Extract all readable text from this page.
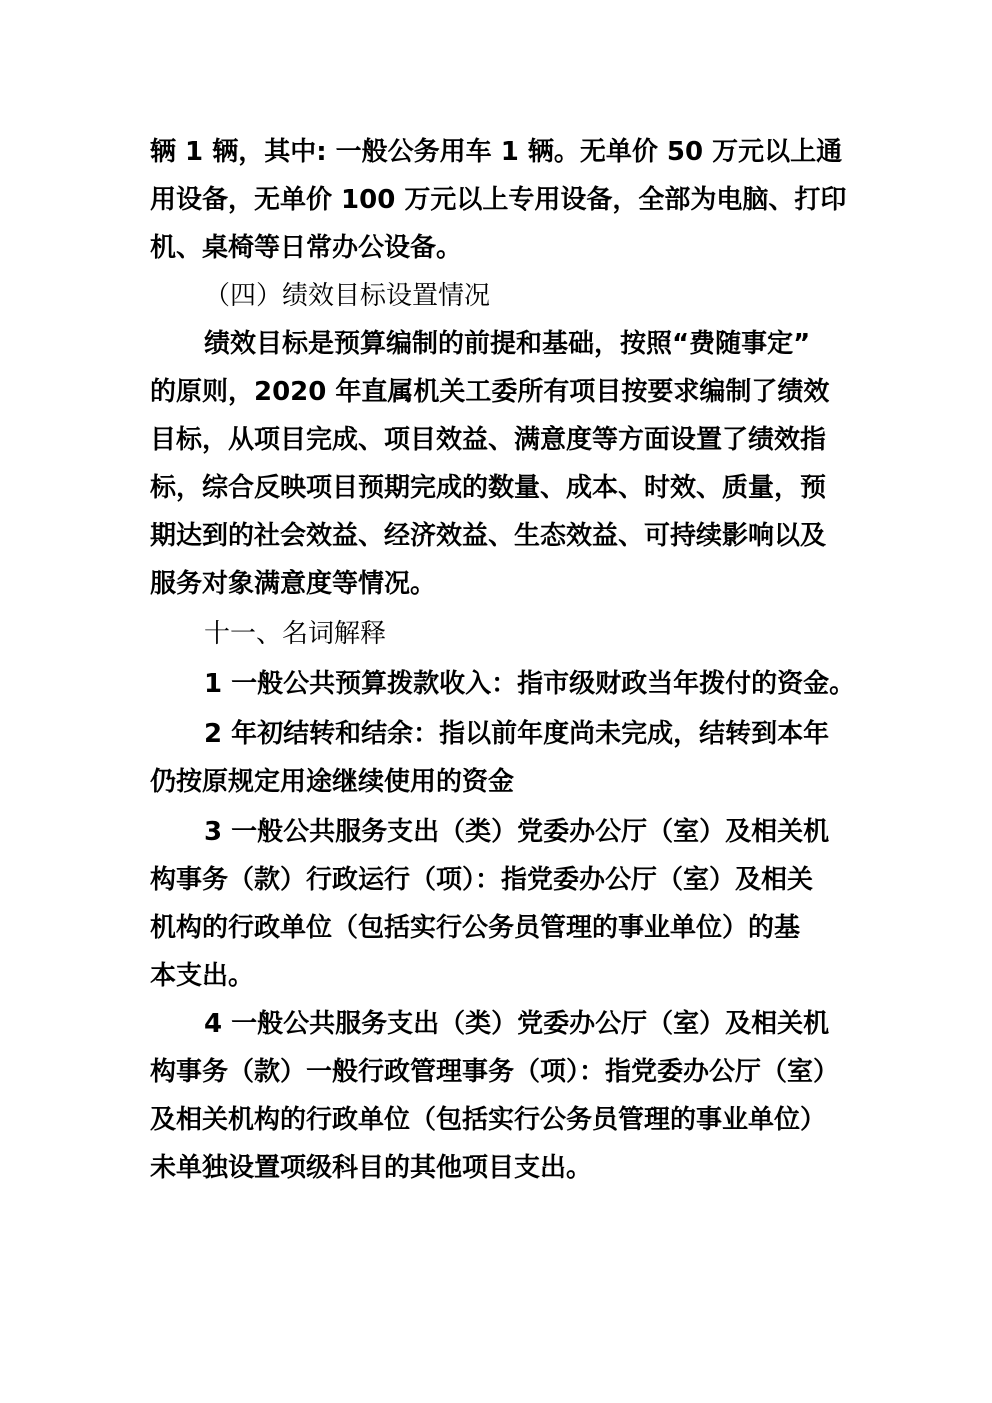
辆 1 辆，其中: 一般公务用车 1 辆。无单价 50 万元以上通
用设备，无单价 100 万元以上专用设备，全部为电脑、打印
机、桌椅等日常办公设备。
（四）绩效目标设置情况
绩效目标是预算编制的前提和基础，按照“费随事定”
的原则，2020 年直属机关工委所有项目按要求编制了绩效
目标，从项目完成、项目效益、满意度等方面设置了绩效指
标，综合反映项目预期完成的数量、成本、时效、质量，预
期达到的社会效益、经济效益、生态效益、可持续影响以及
服务对象满意度等情况。
十一、名词解释
1 一般公共预算拨款收入：指市级财政当年拨付的资金。
2 年初结转和结余：指以前年度尚未完成，结转到本年
仍按原规定用途继续使用的资金
3 一般公共服务支出（类）党委办公厅（室）及相关机
构事务（款）行政运行（项）：指党委办公厅（室）及相关
机构的行政单位（包括实行公务员管理的事业单位）的基
本支出。
4 一般公共服务支出（类）党委办公厅（室）及相关机
构事务（款）一般行政管理事务（项）：指党委办公厅（室）
及相关机构的行政单位（包括实行公务员管理的事业单位）
未单独设置项级科目的其他项目支出。
